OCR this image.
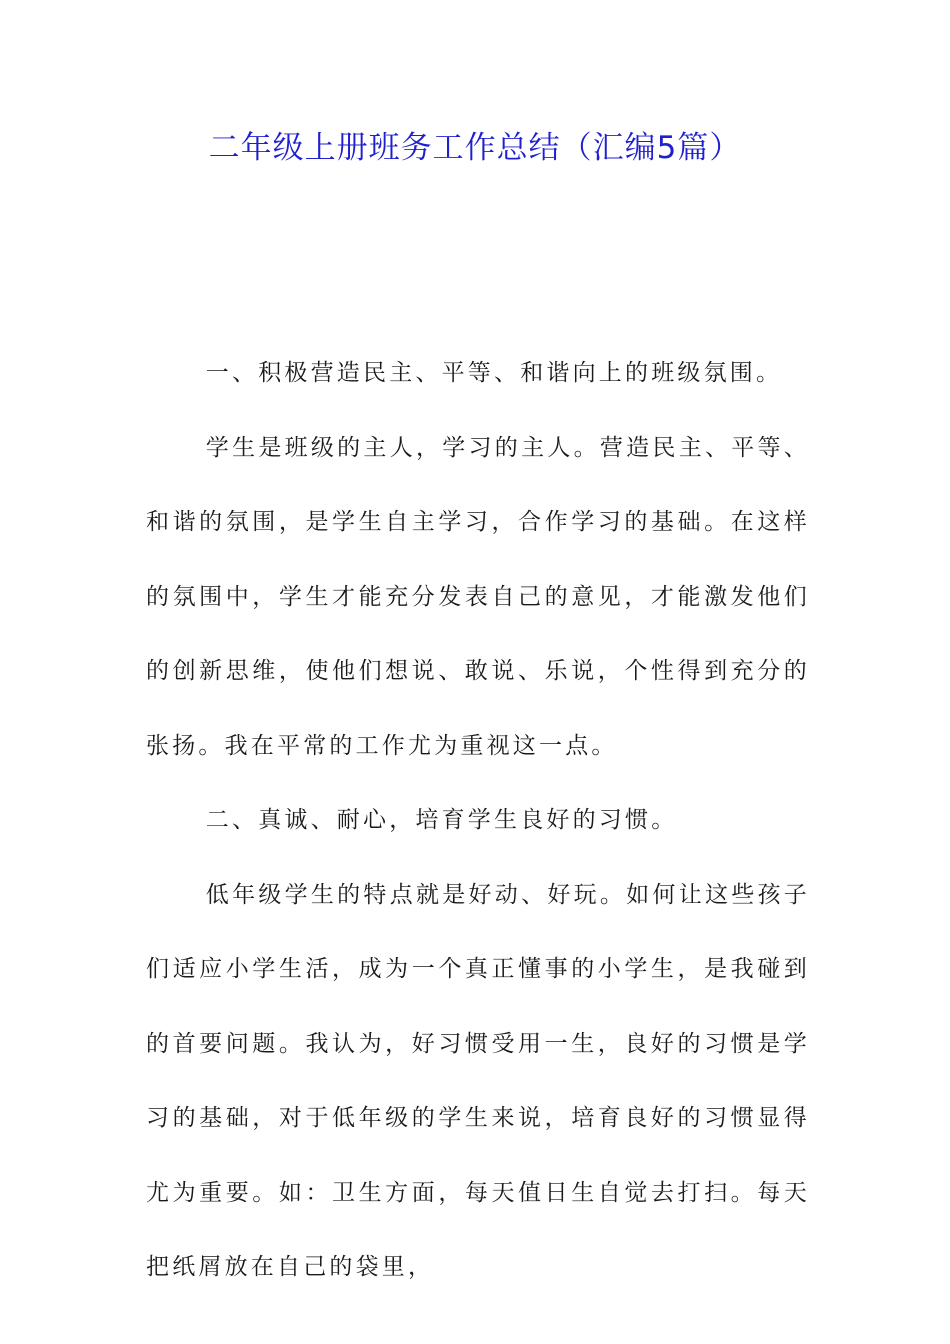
二年级上册班务工作总结（汇编5篇）

一、积极营造民主、平等、和谐向上的班级氛围。

学生是班级的主人，学习的主人。营造民主、平等、和谐的氛围，是学生自主学习，合作学习的基础。在这样的氛围中，学生才能充分发表自己的意见，才能激发他们的创新思维，使他们想说、敢说、乐说，个性得到充分的张扬。我在平常的工作尤为重视这一点。

二、真诚、耐心，培育学生良好的习惯。

低年级学生的特点就是好动、好玩。如何让这些孩子们适应小学生活，成为一个真正懂事的小学生，是我碰到的首要问题。我认为，好习惯受用一生，良好的习惯是学习的基础，对于低年级的学生来说，培育良好的习惯显得尤为重要。如：卫生方面，每天值日生自觉去打扫。每天把纸屑放在自己的袋里，
